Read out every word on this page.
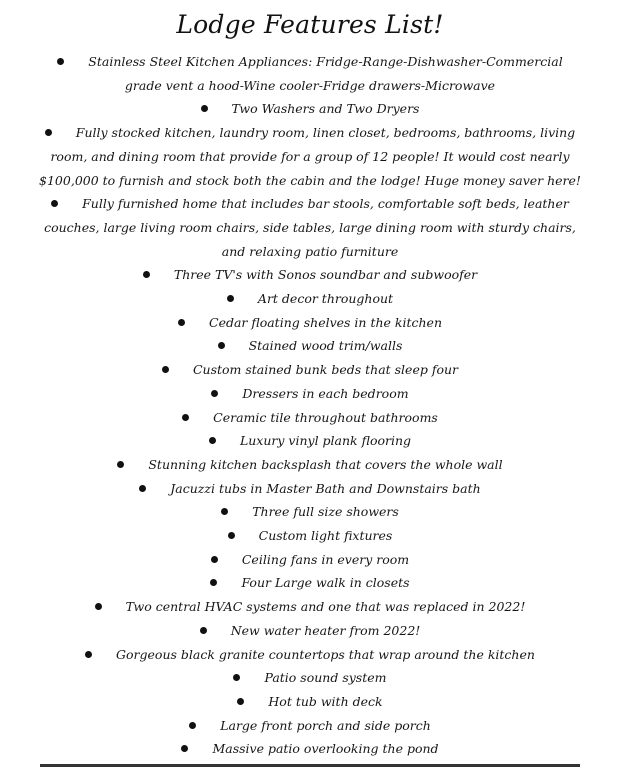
Lodge Features List!
Stainless Steel Kitchen Appliances: Fridge-Range-Dishwasher-Commercial grade vent a hood-Wine cooler-Fridge drawers-Microwave
Two Washers and Two Dryers
Fully stocked kitchen, laundry room, linen closet, bedrooms, bathrooms, living room, and dining room that provide for a group of 12 people! It would cost nearly $100,000 to furnish and stock both the cabin and the lodge! Huge money saver here!
Fully furnished home that includes bar stools, comfortable soft beds, leather couches, large living room chairs, side tables, large dining room with sturdy chairs, and relaxing patio furniture
Three TV's with Sonos soundbar and subwoofer
Art decor throughout
Cedar floating shelves in the kitchen
Stained wood trim/walls
Custom stained bunk beds that sleep four
Dressers in each bedroom
Ceramic tile throughout bathrooms
Luxury vinyl plank flooring
Stunning kitchen backsplash that covers the whole wall
Jacuzzi tubs in Master Bath and Downstairs bath
Three full size showers
Custom light fixtures
Ceiling fans in every room
Four Large walk in closets
Two central HVAC systems and one that was replaced in 2022!
New water heater from 2022!
Gorgeous black granite countertops that wrap around the kitchen
Patio sound system
Hot tub with deck
Large front porch and side porch
Massive patio overlooking the pond
